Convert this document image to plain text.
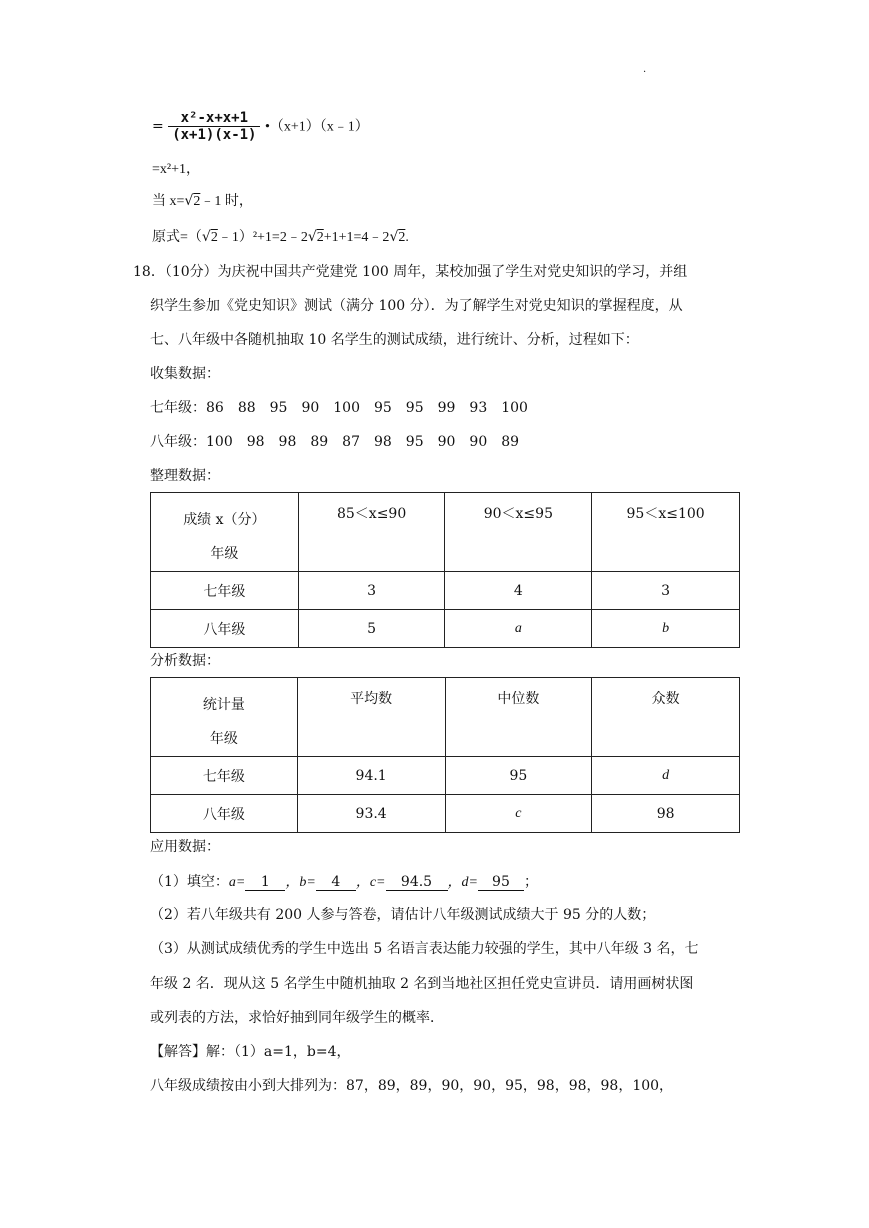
.
= $\frac{\text{x²-x+x+1}}{(x+1)(x-1)}$ •（x+1）（x﹣1）
=x²+1，
当 x=√2﹣1 时，
原式=（√2﹣1）²+1=2﹣2√2+1+1=4﹣2√2.
18．（10分）为庆祝中国共产党建党 100 周年，某校加强了学生对党史知识的学习，并组
织学生参加《党史知识》测试（满分 100 分）．为了解学生对党史知识的掌握程度，从
七、八年级中各随机抽取 10 名学生的测试成绩，进行统计、分析，过程如下：
收集数据：
七年级：86　88　95　90　100　95　95　99　93　100
八年级：100　98　98　89　87　98　95　90　90　89
整理数据：
成绩 x（分）
年级	85＜x≤90	90＜x≤95	95＜x≤100
七年级	3	4	3
八年级	5	a	b
分析数据：
统计量
年级	平均数	中位数	众数
七年级	94.1	95	d
八年级	93.4	c	98
应用数据：
（1）填空：a= 1 ，b= 4 ，c= 94.5 ，d= 95 ；
（2）若八年级共有 200 人参与答卷，请估计八年级测试成绩大于 95 分的人数；
（3）从测试成绩优秀的学生中选出 5 名语言表达能力较强的学生，其中八年级 3 名，七
年级 2 名．现从这 5 名学生中随机抽取 2 名到当地社区担任党史宣讲员．请用画树状图
或列表的方法，求恰好抽到同年级学生的概率．
【解答】解：（1）a=1，b=4，
八年级成绩按由小到大排列为：87，89，89，90，90，95，98，98，98，100，
